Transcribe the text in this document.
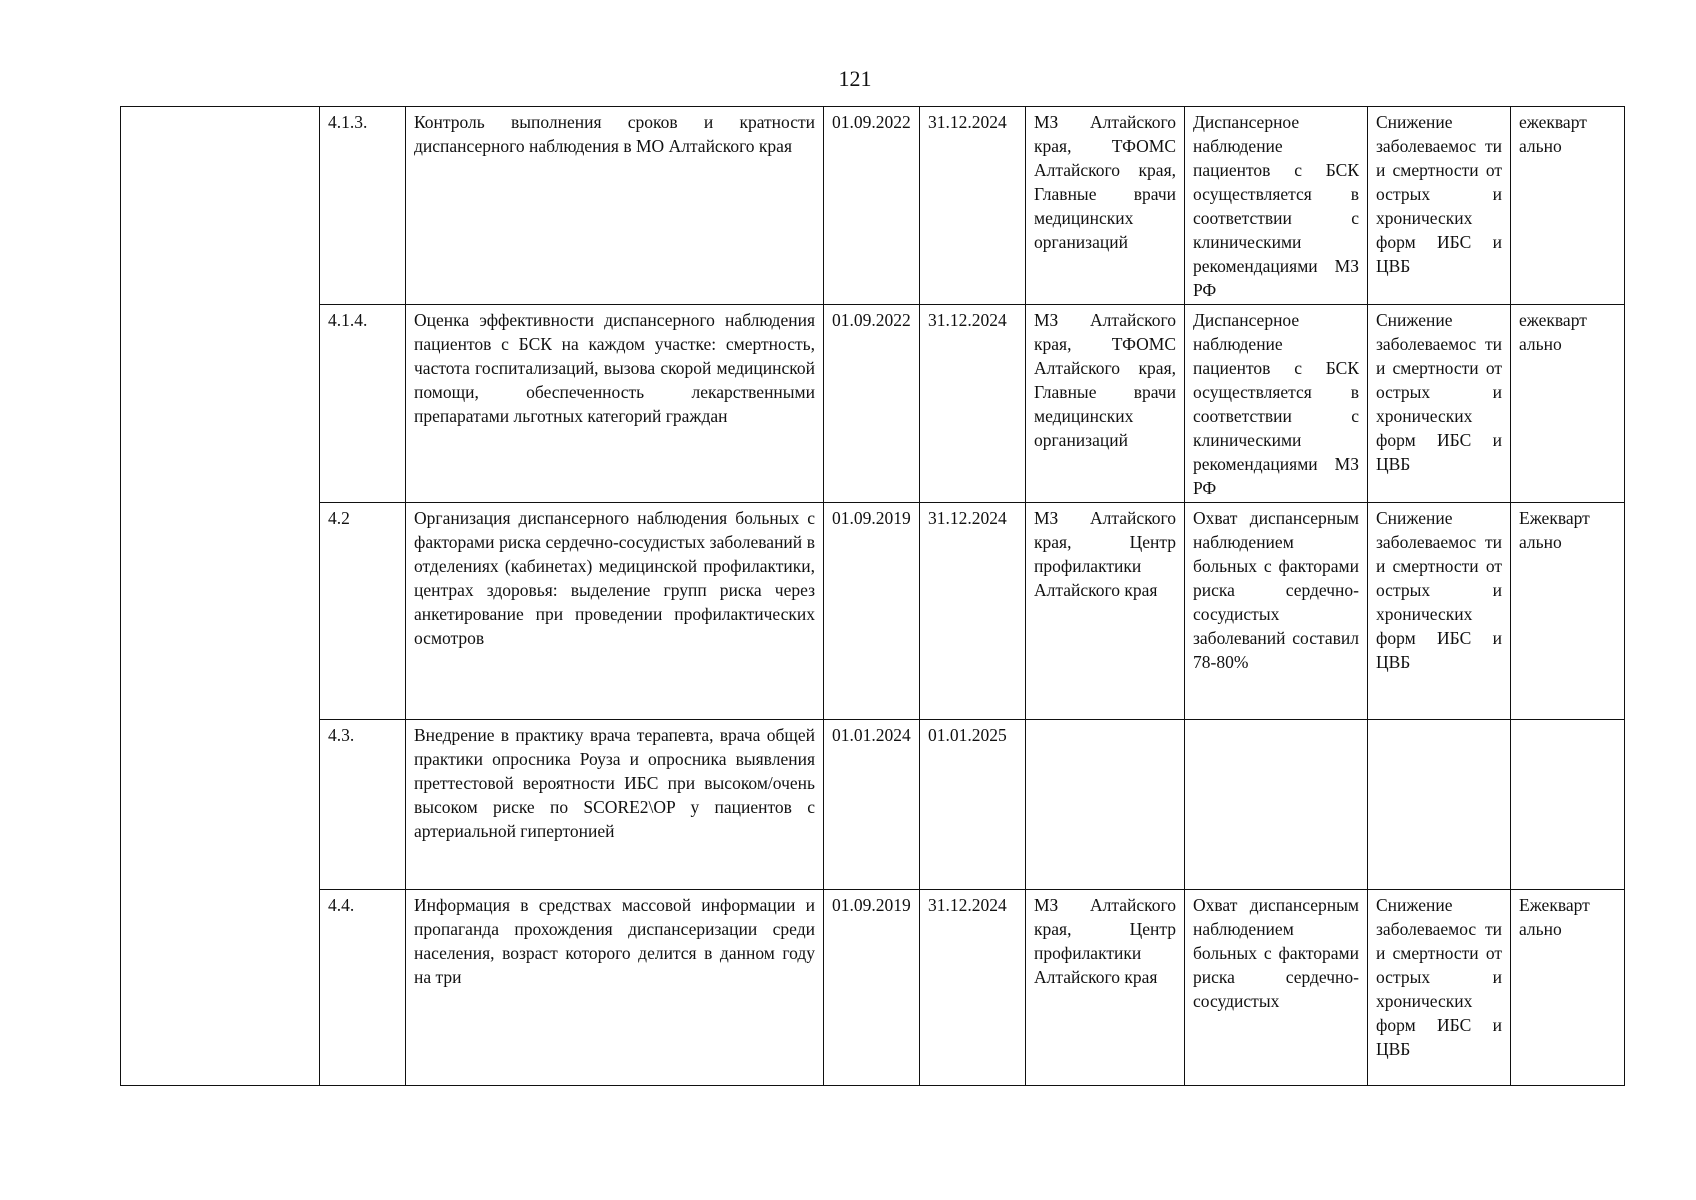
121
	4.1.3.	Контроль выполнения сроков и кратности диспансерного наблюдения в МО Алтайского края	01.09.2022	31.12.2024	МЗ Алтайского края, ТФОМС Алтайского края, Главные врачи медицинских организаций	Диспансерное наблюдение пациентов с БСК осуществляется в соответствии с клиническими рекомендациями МЗ РФ	Снижение заболеваемос ти и смертности от острых и хронических форм ИБС и ЦВБ	ежекварт ально
	4.1.4.	Оценка эффективности диспансерного наблюдения пациентов с БСК на каждом участке: смертность, частота госпитализаций, вызова скорой медицинской помощи, обеспеченность лекарственными препаратами льготных категорий граждан	01.09.2022	31.12.2024	МЗ Алтайского края, ТФОМС Алтайского края, Главные врачи медицинских организаций	Диспансерное наблюдение пациентов с БСК осуществляется в соответствии с клиническими рекомендациями МЗ РФ	Снижение заболеваемос ти и смертности от острых и хронических форм ИБС и ЦВБ	ежекварт ально
	4.2	Организация диспансерного наблюдения больных с факторами риска сердечно-сосудистых заболеваний в отделениях (кабинетах) медицинской профилактики, центрах здоровья: выделение групп риска через анкетирование при проведении профилактических осмотров	01.09.2019	31.12.2024	МЗ Алтайского края, Центр профилактики Алтайского края	Охват диспансерным наблюдением больных с факторами риска сердечно-сосудистых заболеваний составил 78-80%	Снижение заболеваемос ти и смертности от острых и хронических форм ИБС и ЦВБ	Ежекварт ально
	4.3.	Внедрение в практику врача терапевта, врача общей практики опросника Роуза и опросника выявления преттестовой вероятности ИБС при высоком/очень высоком риске по SCORE2\OP у пациентов с артериальной гипертонией	01.01.2024	01.01.2025				
	4.4.	Информация в средствах массовой информации и пропаганда прохождения диспансеризации среди населения, возраст которого делится в данном году на три	01.09.2019	31.12.2024	МЗ Алтайского края, Центр профилактики Алтайского края	Охват диспансерным наблюдением больных с факторами риска сердечно-сосудистых	Снижение заболеваемос ти и смертности от острых и хронических форм ИБС и ЦВБ	Ежекварт ально
